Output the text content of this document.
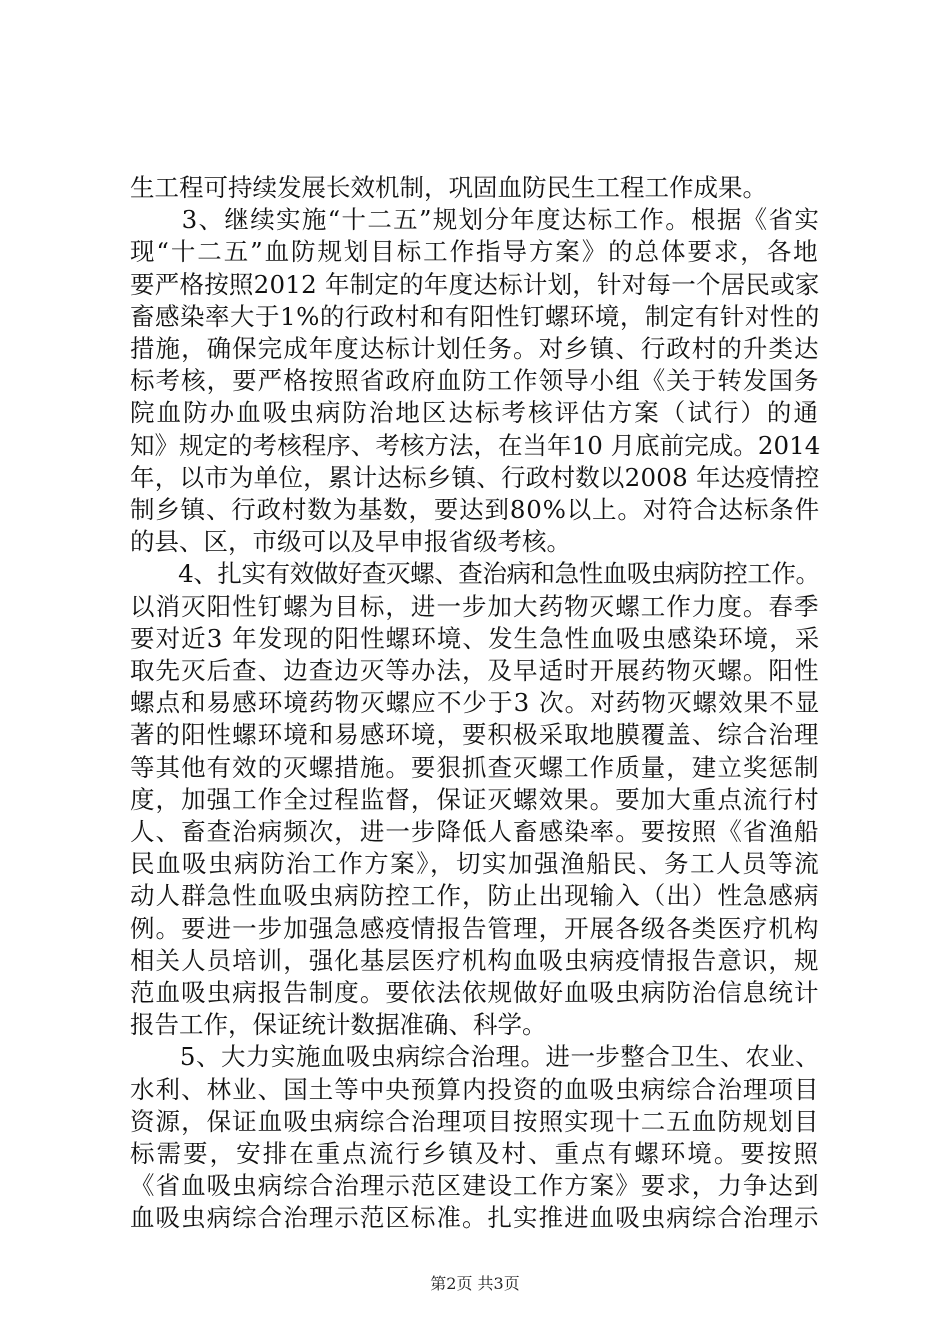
生工程可持续发展长效机制，巩固血防民生工程工作成果。
　　3、继续实施“十二五”规划分年度达标工作。根据《省实
现“十二五”血防规划目标工作指导方案》的总体要求，各地
要严格按照2012 年制定的年度达标计划，针对每一个居民或家
畜感染率大于1%的行政村和有阳性钉螺环境，制定有针对性的
措施，确保完成年度达标计划任务。对乡镇、行政村的升类达
标考核，要严格按照省政府血防工作领导小组《关于转发国务
院血防办血吸虫病防治地区达标考核评估方案（试行）的通
知》规定的考核程序、考核方法，在当年10 月底前完成。2014
年，以市为单位，累计达标乡镇、行政村数以2008 年达疫情控
制乡镇、行政村数为基数，要达到80%以上。对符合达标条件
的县、区，市级可以及早申报省级考核。
　　4、扎实有效做好查灭螺、查治病和急性血吸虫病防控工作。
以消灭阳性钉螺为目标，进一步加大药物灭螺工作力度。春季
要对近3 年发现的阳性螺环境、发生急性血吸虫感染环境，采
取先灭后查、边查边灭等办法，及早适时开展药物灭螺。阳性
螺点和易感环境药物灭螺应不少于3 次。对药物灭螺效果不显
著的阳性螺环境和易感环境，要积极采取地膜覆盖、综合治理
等其他有效的灭螺措施。要狠抓查灭螺工作质量，建立奖惩制
度，加强工作全过程监督，保证灭螺效果。要加大重点流行村
人、畜查治病频次，进一步降低人畜感染率。要按照《省渔船
民血吸虫病防治工作方案》，切实加强渔船民、务工人员等流
动人群急性血吸虫病防控工作，防止出现输入（出）性急感病
例。要进一步加强急感疫情报告管理，开展各级各类医疗机构
相关人员培训，强化基层医疗机构血吸虫病疫情报告意识，规
范血吸虫病报告制度。要依法依规做好血吸虫病防治信息统计
报告工作，保证统计数据准确、科学。
　　5、大力实施血吸虫病综合治理。进一步整合卫生、农业、
水利、林业、国土等中央预算内投资的血吸虫病综合治理项目
资源，保证血吸虫病综合治理项目按照实现十二五血防规划目
标需要，安排在重点流行乡镇及村、重点有螺环境。要按照
《省血吸虫病综合治理示范区建设工作方案》要求，力争达到
血吸虫病综合治理示范区标准。扎实推进血吸虫病综合治理示
第2页 共3页
